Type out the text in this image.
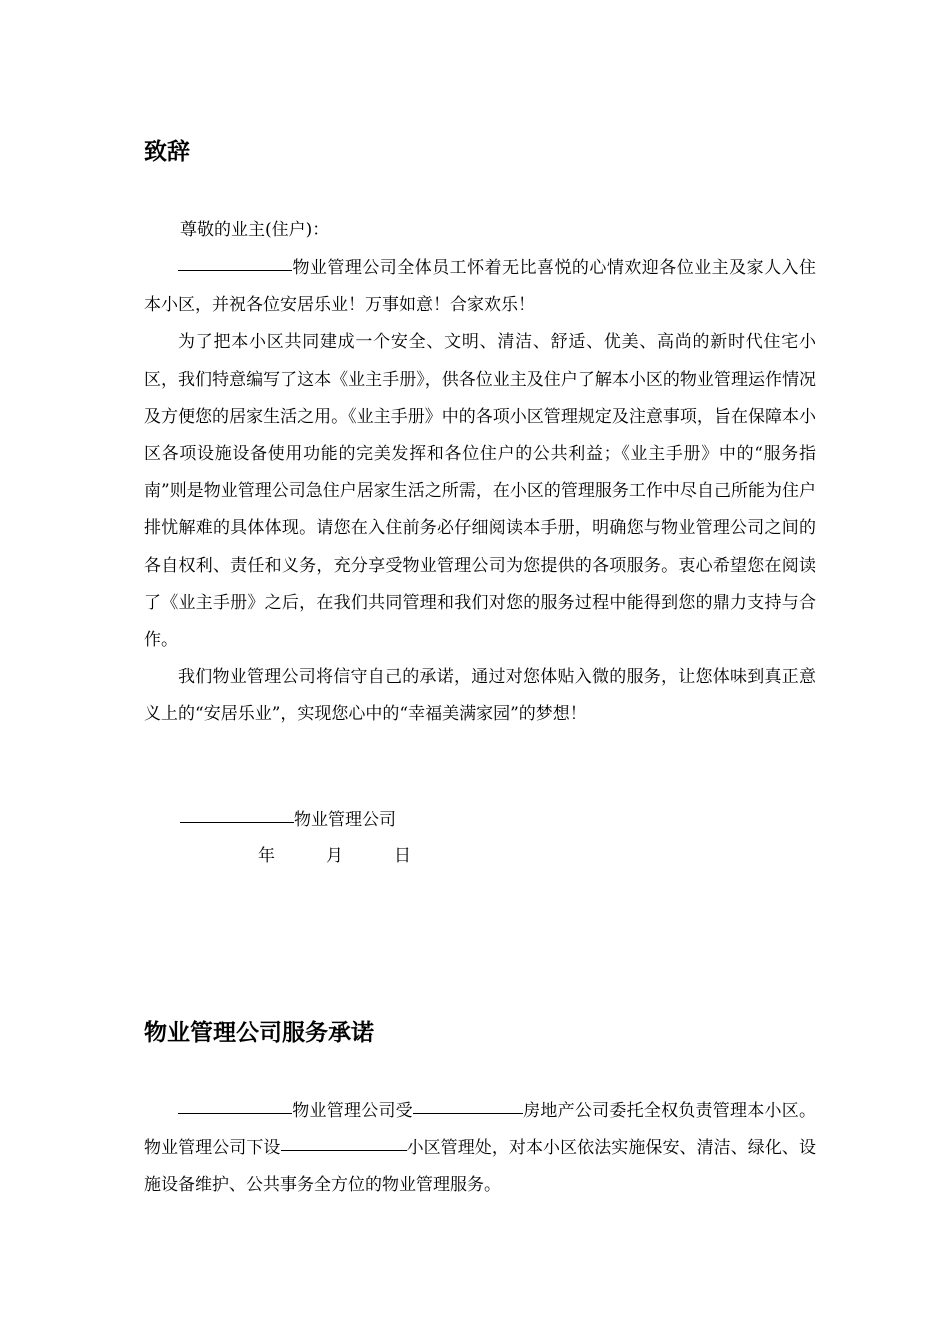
致辞
尊敬的业主(住户)：

物业管理公司全体员工怀着无比喜悦的心情欢迎各位业主及家人入住本小区，并祝各位安居乐业！万事如意！合家欢乐！

为了把本小区共同建成一个安全、文明、清洁、舒适、优美、高尚的新时代住宅小区，我们特意编写了这本《业主手册》，供各位业主及住户了解本小区的物业管理运作情况及方便您的居家生活之用。《业主手册》中的各项小区管理规定及注意事项，旨在保障本小区各项设施设备使用功能的完美发挥和各位住户的公共利益；《业主手册》中的“服务指南”则是物业管理公司急住户居家生活之所需，在小区的管理服务工作中尽自己所能为住户排忧解难的具体体现。请您在入住前务必仔细阅读本手册，明确您与物业管理公司之间的各自权利、责任和义务，充分享受物业管理公司为您提供的各项服务。衷心希望您在阅读了《业主手册》之后，在我们共同管理和我们对您的服务过程中能得到您的鼎力支持与合作。

我们物业管理公司将信守自己的承诺，通过对您体贴入微的服务，让您体味到真正意义上的“安居乐业”，实现您心中的“幸福美满家园”的梦想！

物业管理公司
年	月	日
物业管理公司服务承诺

物业管理公司受	房地产公司委托全权负责管理本小区。物业管理公司下设	小区管理处，对本小区依法实施保安、清洁、绿化、设施设备维护、公共事务全方位的物业管理服务。
